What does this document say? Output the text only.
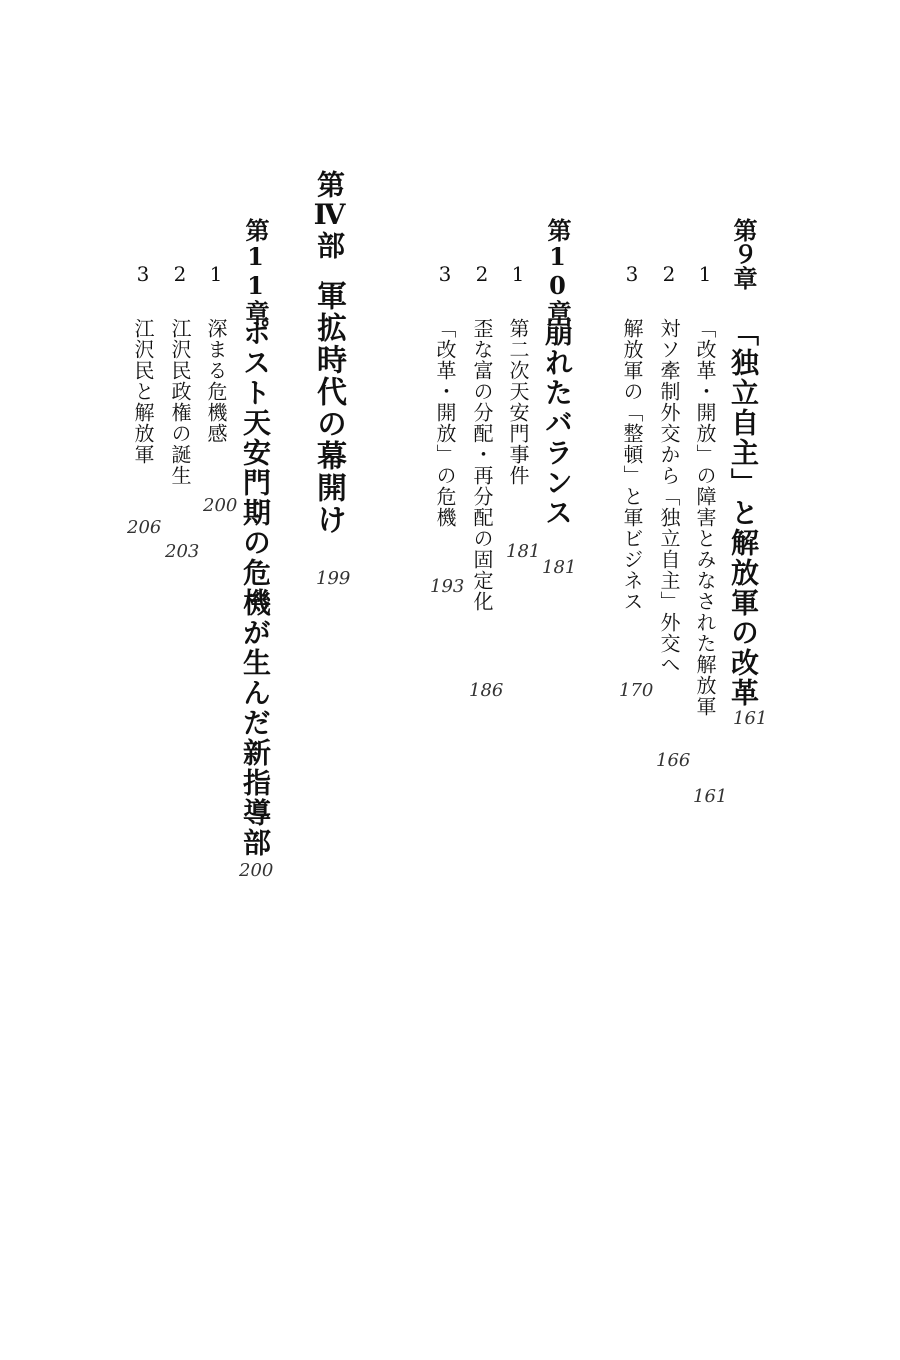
第９章
「独立自主」と解放軍の改革
161
1
「改革・開放」の障害とみなされた解放軍
161
2
対ソ牽制外交から「独立自主」外交へ
166
3
解放軍の「整頓」と軍ビジネス
170
第10章
崩れたバランス
181
1
第二次天安門事件
181
2
歪な富の分配・再分配の固定化
186
3
「改革・開放」の危機
193
第Ⅳ部
軍拡時代の幕開け
199
第11章
ポスト天安門期の危機が生んだ新指導部
200
1
深まる危機感
200
2
江沢民政権の誕生
203
3
江沢民と解放軍
206
